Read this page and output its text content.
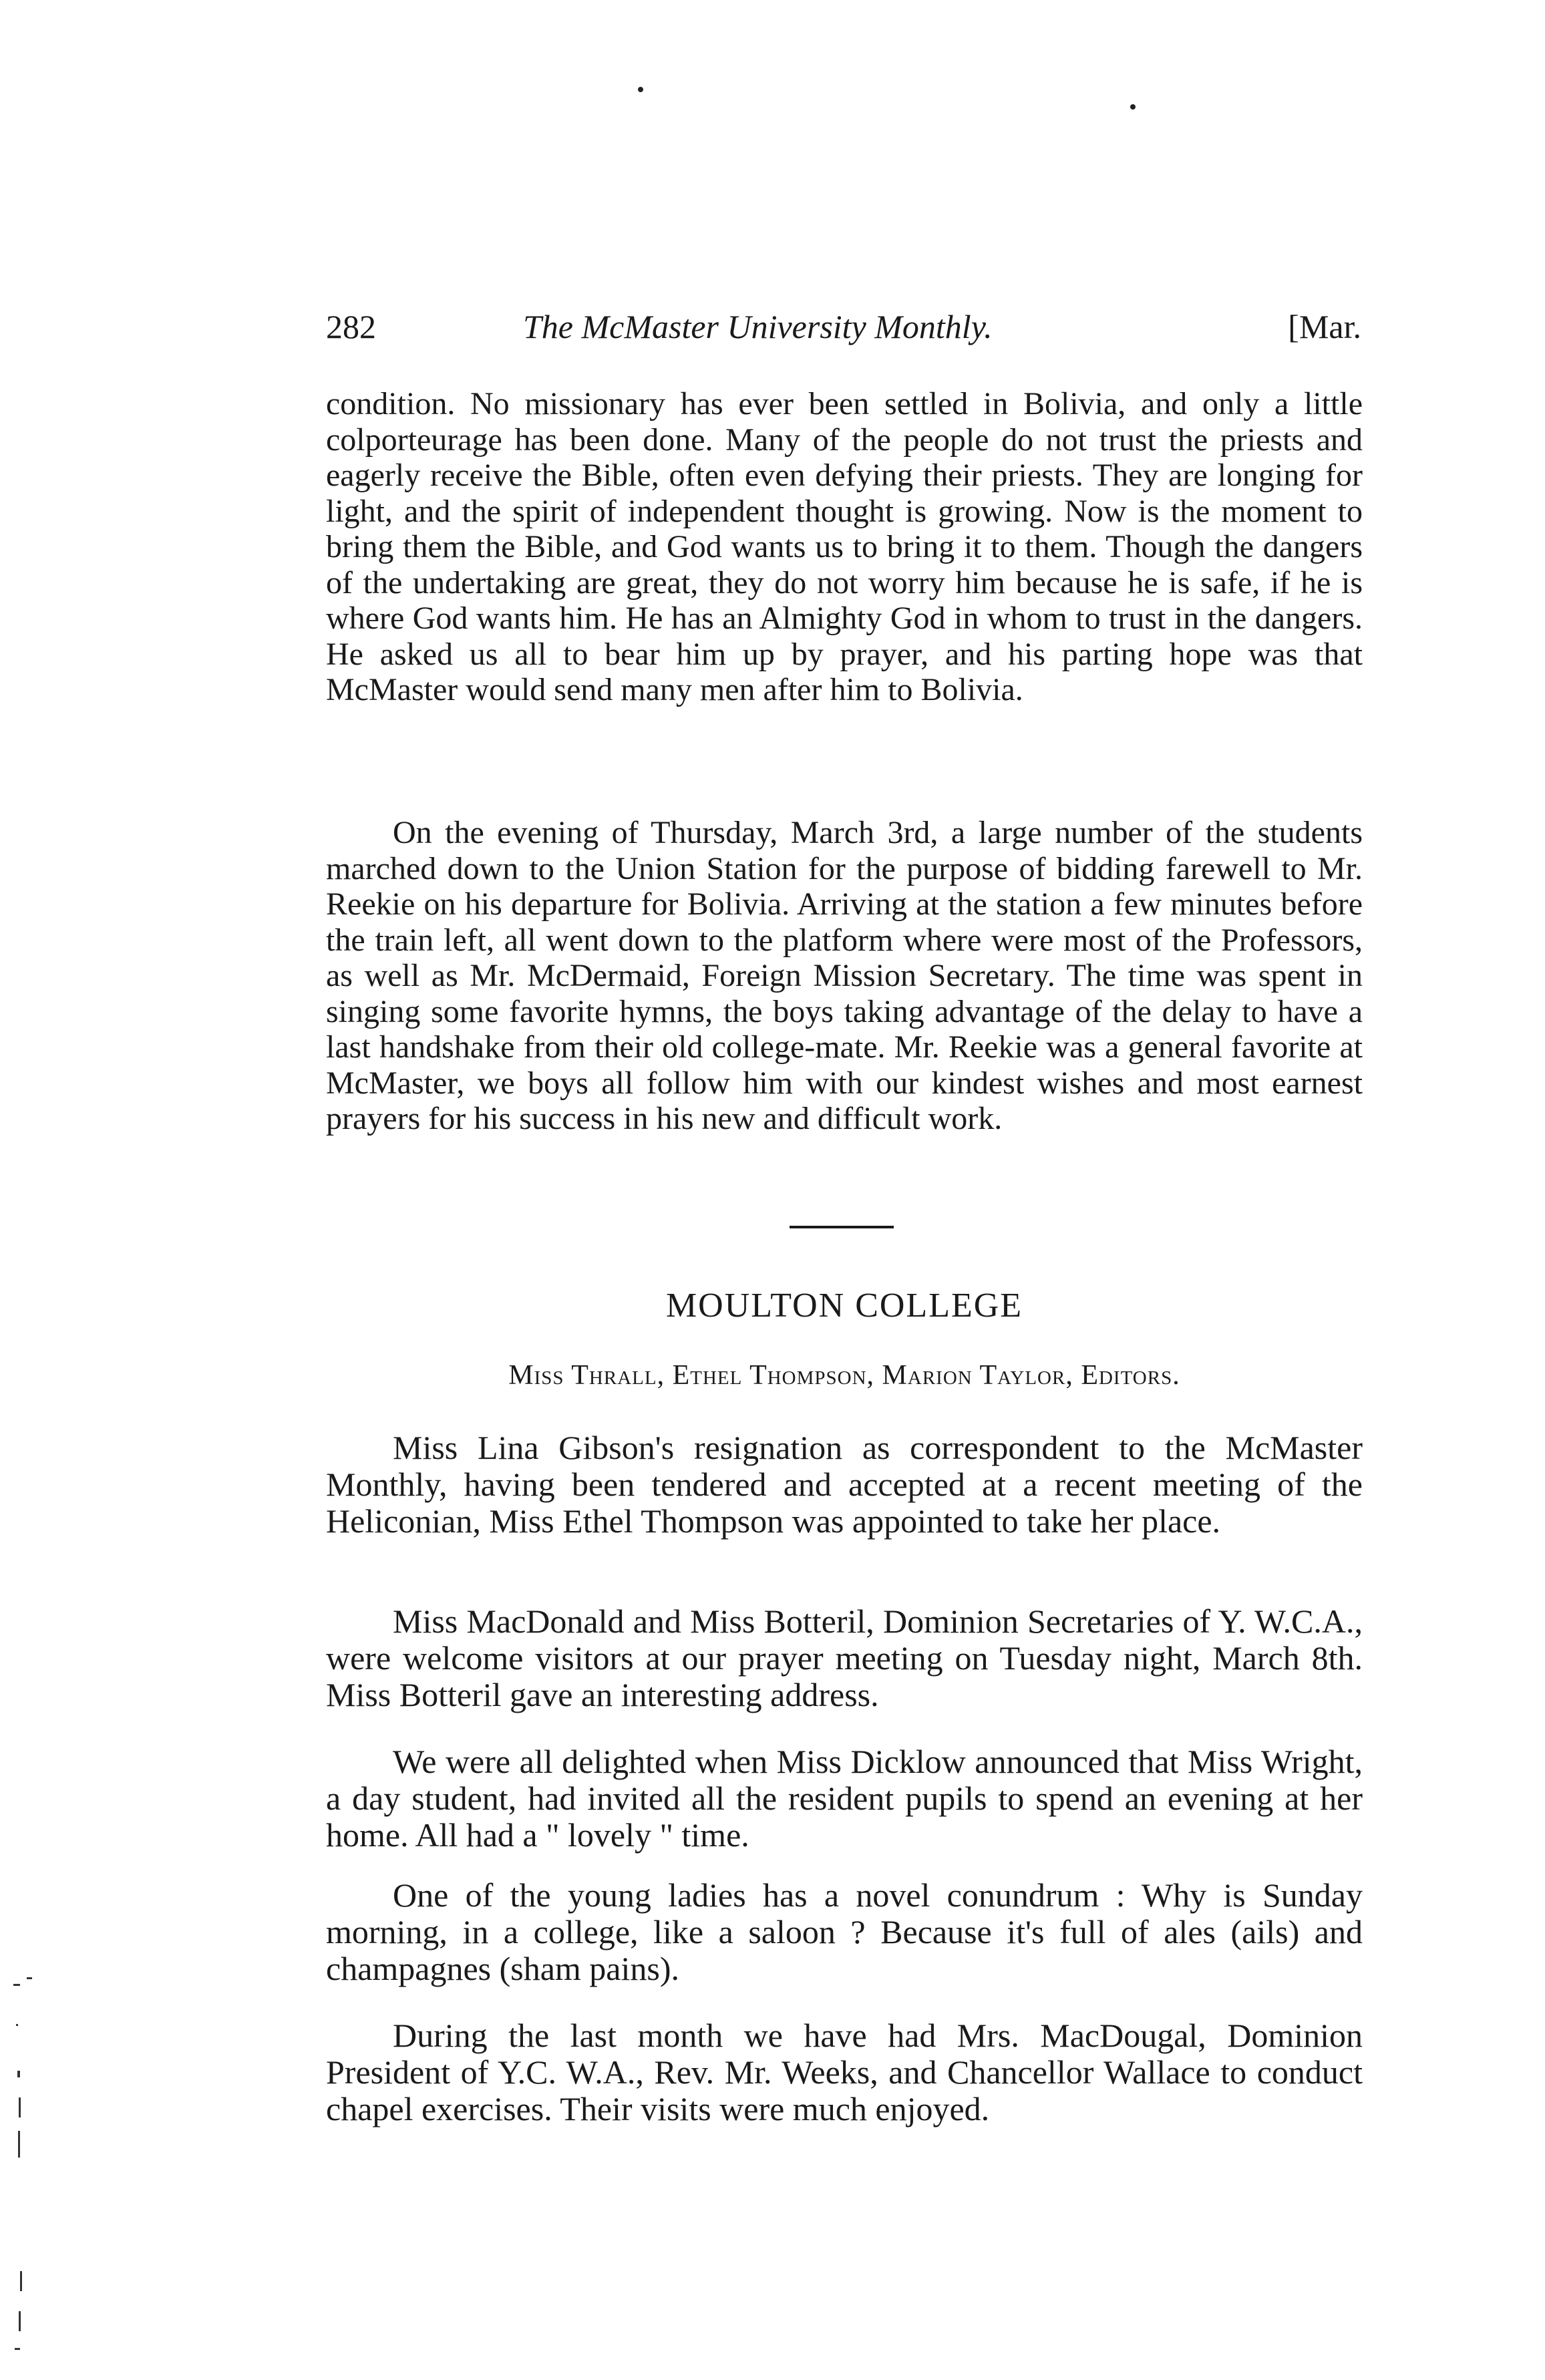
282	The McMaster University Monthly.	[Mar.

condition. No missionary has ever been settled in Bolivia, and only a little colporteurage has been done. Many of the people do not trust the priests and eagerly receive the Bible, often even defying their priests. They are longing for light, and the spirit of independent thought is growing. Now is the moment to bring them the Bible, and God wants us to bring it to them. Though the dangers of the undertaking are great, they do not worry him because he is safe, if he is where God wants him. He has an Almighty God in whom to trust in the dangers. He asked us all to bear him up by prayer, and his parting hope was that McMaster would send many men after him to Bolivia.

On the evening of Thursday, March 3rd, a large number of the students marched down to the Union Station for the purpose of bidding farewell to Mr. Reekie on his departure for Bolivia. Arriving at the station a few minutes before the train left, all went down to the platform where were most of the Professors, as well as Mr. McDermaid, Foreign Mission Secretary. The time was spent in singing some favorite hymns, the boys taking advantage of the delay to have a last handshake from their old college-mate. Mr. Reekie was a general favorite at McMaster, we boys all follow him with our kindest wishes and most earnest prayers for his success in his new and difficult work.

MOULTON COLLEGE
Miss Thrall, Ethel Thompson, Marion Taylor, Editors.

Miss Lina Gibson's resignation as correspondent to the McMaster Monthly, having been tendered and accepted at a recent meeting of the Heliconian, Miss Ethel Thompson was appointed to take her place.

Miss MacDonald and Miss Botteril, Dominion Secretaries of Y. W.C.A., were welcome visitors at our prayer meeting on Tuesday night, March 8th. Miss Botteril gave an interesting address.

We were all delighted when Miss Dicklow announced that Miss Wright, a day student, had invited all the resident pupils to spend an evening at her home. All had a " lovely " time.

One of the young ladies has a novel conundrum : Why is Sunday morning, in a college, like a saloon ? Because it's full of ales (ails) and champagnes (sham pains).

During the last month we have had Mrs. MacDougal, Dominion President of Y.C. W.A., Rev. Mr. Weeks, and Chancellor Wallace to conduct chapel exercises. Their visits were much enjoyed.
